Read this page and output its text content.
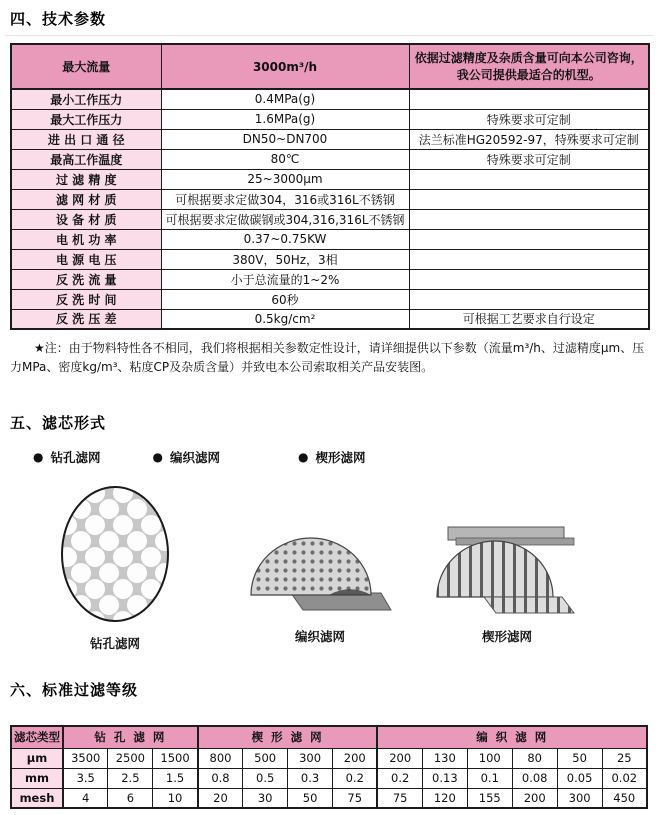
四、技术参数
最大流量	3000m³/h	依据过滤精度及杂质含量可向本公司咨询，
我公司提供最适合的机型。

最小工作压力	0.4MPa(g)	
最大工作压力	1.6MPa(g)	特殊要求可定制
进 出 口 通 径	DN50~DN700	法兰标准HG20592-97，特殊要求可定制
最高工作温度	80℃	特殊要求可定制
过 滤 精 度	25~3000μm	
滤 网 材 质	可根据要求定做304，316或316L不锈钢	
设 备 材 质	可根据要求定做碳钢或304,316,316L不锈钢	
电 机 功 率	0.37~0.75KW	
电 源 电 压	380V，50Hz，3相	
反 洗 流 量	小于总流量的1~2%	
反 洗 时 间	60秒	
反 洗 压 差	0.5kg/cm²	可根据工艺要求自行设定

★注：由于物料特性各不相同，我们将根据相关参数定性设计，请详细提供以下参数（流量m³/h、过滤精度μm、压力MPa、密度kg/m³、粘度CP及杂质含量）并致电本公司索取相关产品安装图。

五、滤芯形式
● 钻孔滤网	● 编织滤网	● 楔形滤网
钻孔滤网	编织滤网	楔形滤网
六、标准过滤等级
滤芯类型	钻 孔 滤 网			楔 形 滤 网				编 织 滤 网					
μm	3500	2500	1500	800	500	300	200	200	130	100	80	50	25
mm	3.5	2.5	1.5	0.8	0.5	0.3	0.2	0.2	0.13	0.1	0.08	0.05	0.02
mesh	4	6	10	20	30	50	75	75	120	155	200	300	450
